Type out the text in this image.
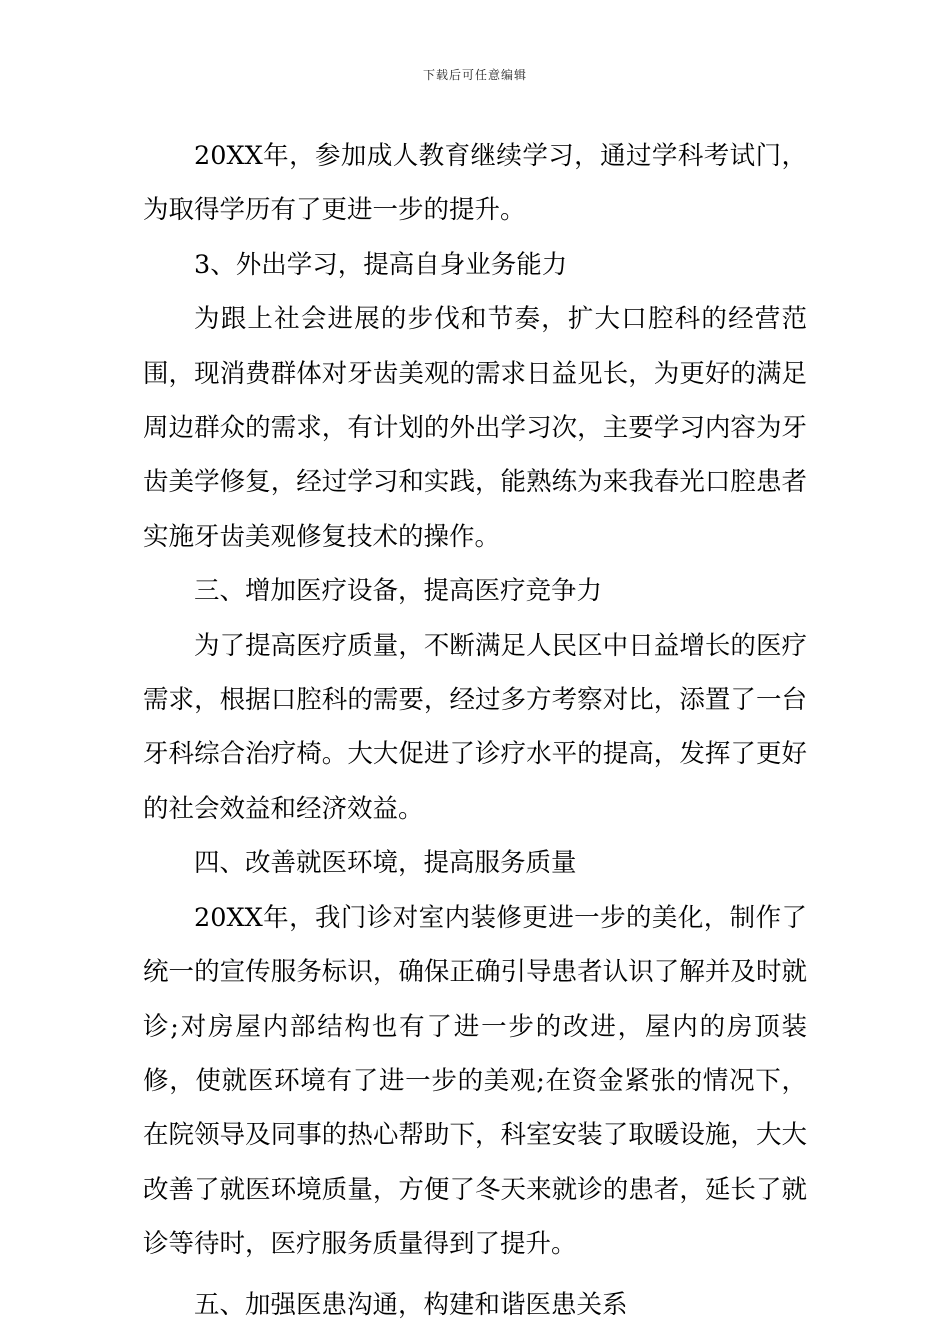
下载后可任意编辑

20XX年，参加成人教育继续学习，通过学科考试门，为取得学历有了更进一步的提升。

3、外出学习，提高自身业务能力

为跟上社会进展的步伐和节奏，扩大口腔科的经营范围，现消费群体对牙齿美观的需求日益见长，为更好的满足周边群众的需求，有计划的外出学习次，主要学习内容为牙齿美学修复，经过学习和实践，能熟练为来我春光口腔患者实施牙齿美观修复技术的操作。

三、增加医疗设备，提高医疗竞争力

为了提高医疗质量，不断满足人民区中日益增长的医疗需求，根据口腔科的需要，经过多方考察对比，添置了一台牙科综合治疗椅。大大促进了诊疗水平的提高，发挥了更好的社会效益和经济效益。

四、改善就医环境，提高服务质量

20XX年，我门诊对室内装修更进一步的美化，制作了统一的宣传服务标识，确保正确引导患者认识了解并及时就诊;对房屋内部结构也有了进一步的改进，屋内的房顶装修，使就医环境有了进一步的美观;在资金紧张的情况下，在院领导及同事的热心帮助下，科室安装了取暖设施，大大改善了就医环境质量，方便了冬天来就诊的患者，延长了就诊等待时，医疗服务质量得到了提升。

五、加强医患沟通，构建和谐医患关系
